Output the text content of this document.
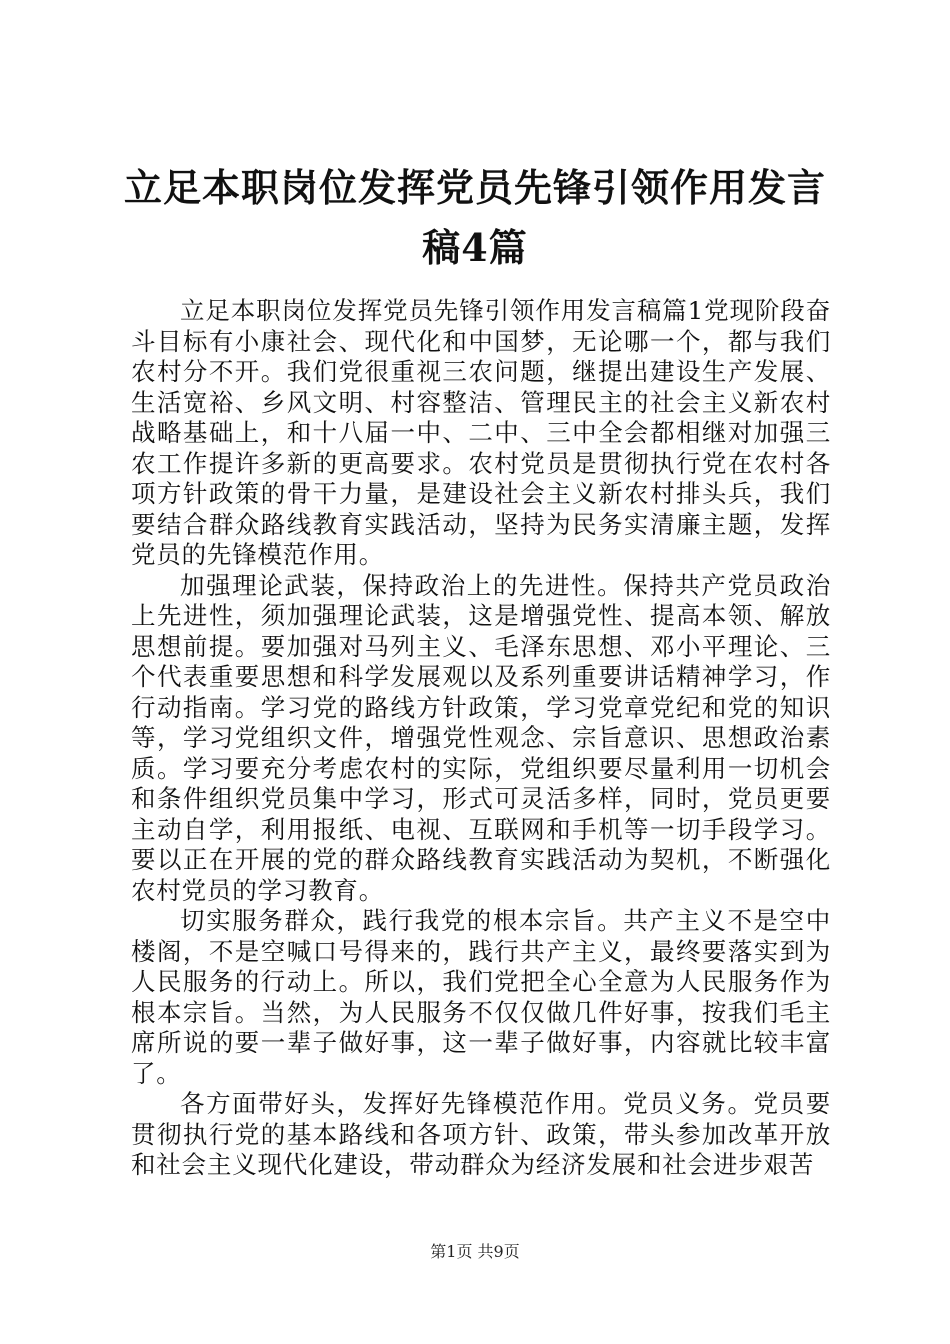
立足本职岗位发挥党员先锋引领作用发言稿4篇

立足本职岗位发挥党员先锋引领作用发言稿篇1党现阶段奋斗目标有小康社会、现代化和中国梦，无论哪一个，都与我们农村分不开。我们党很重视三农问题，继提出建设生产发展、生活宽裕、乡风文明、村容整洁、管理民主的社会主义新农村战略基础上，和十八届一中、二中、三中全会都相继对加强三农工作提许多新的更高要求。农村党员是贯彻执行党在农村各项方针政策的骨干力量，是建设社会主义新农村排头兵，我们要结合群众路线教育实践活动，坚持为民务实清廉主题，发挥党员的先锋模范作用。

加强理论武装，保持政治上的先进性。保持共产党员政治上先进性，须加强理论武装，这是增强党性、提高本领、解放思想前提。要加强对马列主义、毛泽东思想、邓小平理论、三个代表重要思想和科学发展观以及系列重要讲话精神学习，作行动指南。学习党的路线方针政策，学习党章党纪和党的知识等，学习党组织文件，增强党性观念、宗旨意识、思想政治素质。学习要充分考虑农村的实际，党组织要尽量利用一切机会和条件组织党员集中学习，形式可灵活多样，同时，党员更要主动自学，利用报纸、电视、互联网和手机等一切手段学习。要以正在开展的党的群众路线教育实践活动为契机，不断强化农村党员的学习教育。

切实服务群众，践行我党的根本宗旨。共产主义不是空中楼阁，不是空喊口号得来的，践行共产主义，最终要落实到为人民服务的行动上。所以，我们党把全心全意为人民服务作为根本宗旨。当然，为人民服务不仅仅做几件好事，按我们毛主席所说的要一辈子做好事，这一辈子做好事，内容就比较丰富了。

各方面带好头，发挥好先锋模范作用。党员义务。党员要贯彻执行党的基本路线和各项方针、政策，带头参加改革开放和社会主义现代化建设，带动群众为经济发展和社会进步艰苦

第1页 共9页
